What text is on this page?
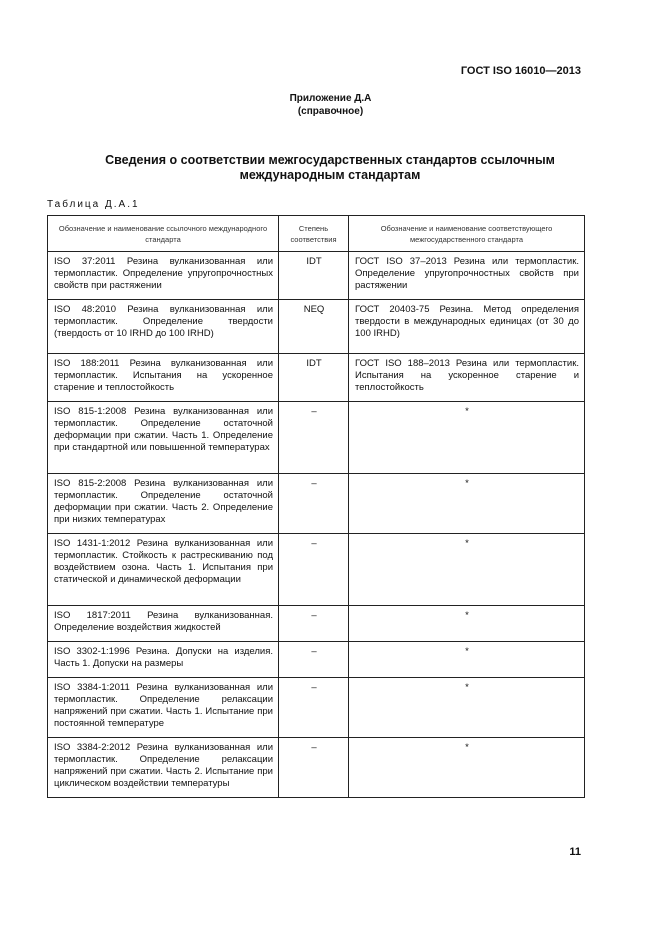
ГОСТ ISO 16010—2013
Приложение Д.А
(справочное)
Сведения о соответствии межгосударственных стандартов ссылочным международным стандартам
Таблица Д.А.1
Обозначение и наименование ссылочного международного стандарта	Степень соответствия	Обозначение и наименование соответствующего межгосударственного стандарта
ISO 37:2011 Резина вулканизованная или термопластик. Определение упругопрочностных свойств при растяжении	IDT	ГОСТ ISO 37–2013 Резина или термопластик. Определение упругопрочностных свойств при растяжении
ISO 48:2010 Резина вулканизованная или термопластик. Определение твердости (твердость от 10 IRHD до 100 IRHD)	NEQ	ГОСТ 20403-75 Резина. Метод определения твердости в международных единицах (от 30 до 100 IRHD)
ISO 188:2011 Резина вулканизованная или термопластик. Испытания на ускоренное старение и теплостойкость	IDT	ГОСТ ISO 188–2013 Резина или термопластик. Испытания на ускоренное старение и теплостойкость
ISO 815-1:2008 Резина вулканизованная или термопластик. Определение остаточной деформации при сжатии. Часть 1. Определение при стандартной или повышенной температурах	–	*
ISO 815-2:2008 Резина вулканизованная или термопластик. Определение остаточной деформации при сжатии. Часть 2. Определение при низких температурах	–	*
ISO 1431-1:2012 Резина вулканизованная или термопластик. Стойкость к растрескиванию под воздействием озона. Часть 1. Испытания при статической и динамической деформации	–	*
ISO 1817:2011 Резина вулканизованная. Определение воздействия жидкостей	–	*
ISO 3302-1:1996 Резина. Допуски на изделия. Часть 1. Допуски на размеры	–	*
ISO 3384-1:2011 Резина вулканизованная или термопластик. Определение релаксации напряжений при сжатии. Часть 1. Испытание при постоянной температуре	–	*
ISO 3384-2:2012 Резина вулканизованная или термопластик. Определение релаксации напряжений при сжатии. Часть 2. Испытание при циклическом воздействии температуры	–	*
11
